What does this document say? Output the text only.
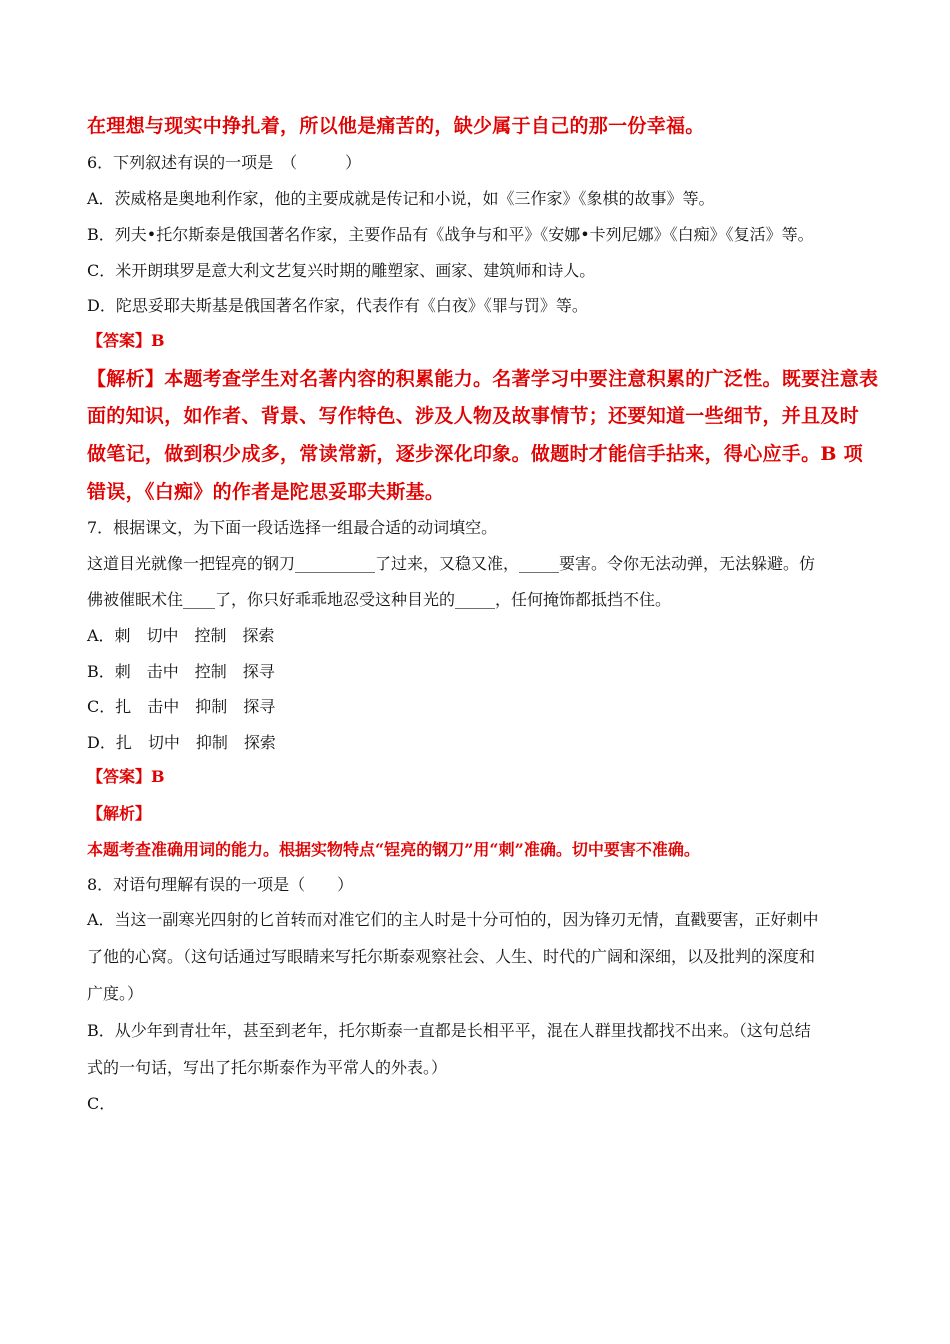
在理想与现实中挣扎着，所以他是痛苦的，缺少属于自己的那一份幸福。
6．下列叙述有误的一项是　（　　　）
A．茨威格是奥地利作家，他的主要成就是传记和小说，如《三作家》《象棋的故事》等。
B．列夫•托尔斯泰是俄国著名作家，主要作品有《战争与和平》《安娜•卡列尼娜》《白痴》《复活》等。
C．米开朗琪罗是意大利文艺复兴时期的雕塑家、画家、建筑师和诗人。
D．陀思妥耶夫斯基是俄国著名作家，代表作有《白夜》《罪与罚》等。
【答案】B
【解析】本题考查学生对名著内容的积累能力。名著学习中要注意积累的广泛性。既要注意表
面的知识，如作者、背景、写作特色、涉及人物及故事情节；还要知道一些细节，并且及时
做笔记，做到积少成多，常读常新，逐步深化印象。做题时才能信手拈来，得心应手。B 项
错误，《白痴》的作者是陀思妥耶夫斯基。
7．根据课文，为下面一段话选择一组最合适的动词填空。
这道目光就像一把锃亮的钢刀__________了过来，又稳又准，_____要害。令你无法动弹，无法躲避。仿
佛被催眠术住____了，你只好乖乖地忍受这种目光的_____，任何掩饰都抵挡不住。
A．刺　切中　控制　探索
B．刺　击中　控制　探寻
C．扎　击中　抑制　探寻
D．扎　切中　抑制　探索
【答案】B
【解析】
本题考查准确用词的能力。根据实物特点“锃亮的钢刀”用“刺”准确。切中要害不准确。
8．对语句理解有误的一项是（　　）
A．当这一副寒光四射的匕首转而对准它们的主人时是十分可怕的，因为锋刃无情，直戳要害，正好刺中
了他的心窝。（这句话通过写眼睛来写托尔斯泰观察社会、人生、时代的广阔和深细，以及批判的深度和
广度。）
B．从少年到青壮年，甚至到老年，托尔斯泰一直都是长相平平，混在人群里找都找不出来。（这句总结
式的一句话，写出了托尔斯泰作为平常人的外表。）
C．
